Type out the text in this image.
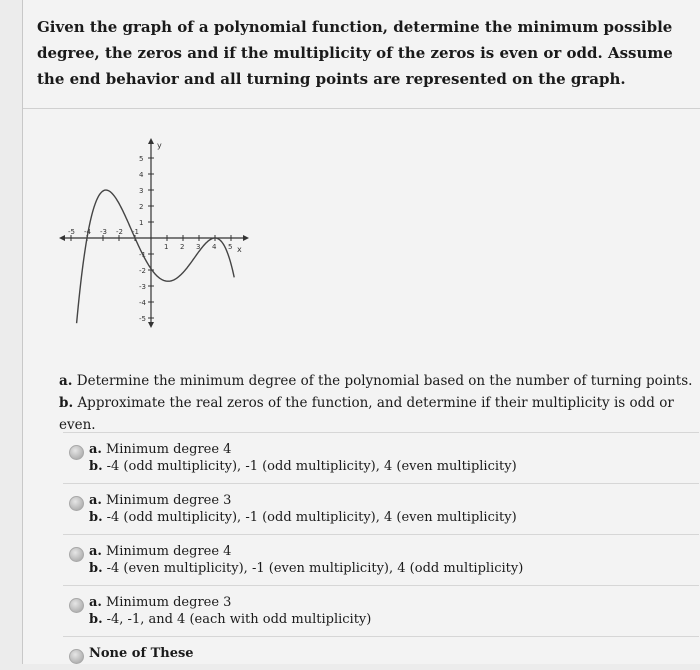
Given the graph of a polynomial function, determine the minimum possible degree, the zeros and if the multiplicity of the zeros is even or odd. Assume the end behavior and all turning points are represented on the graph.
-5 -4 -3 -2 -1
1 2 3 4 5
5
4
3
2
1
-1
-2
-3
-4
-5
x
y
a. Determine the minimum degree of the polynomial based on the number of turning points.
b. Approximate the real zeros of the function, and determine if their multiplicity is odd or even.
a. Minimum degree 4
b. -4 (odd multiplicity), -1 (odd multiplicity), 4 (even multiplicity)
a. Minimum degree 3
b. -4 (odd multiplicity), -1 (odd multiplicity), 4 (even multiplicity)
a. Minimum degree 4
b. -4 (even multiplicity), -1 (even multiplicity), 4 (odd multiplicity)
a. Minimum degree 3
b. -4, -1, and 4 (each with odd multiplicity)
None of These
